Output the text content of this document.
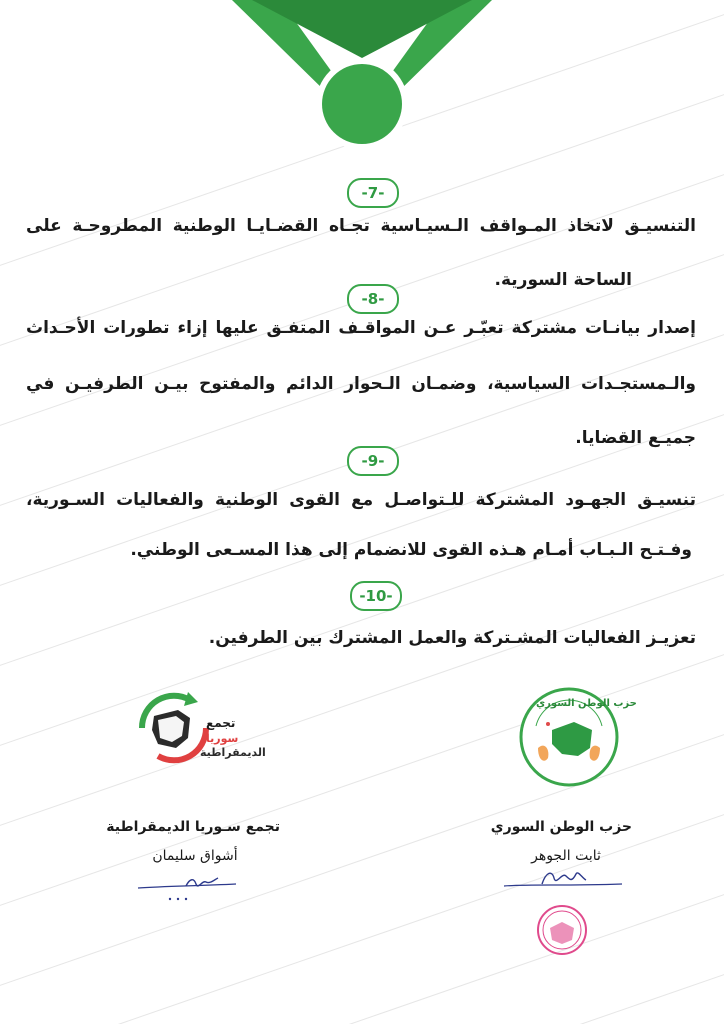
-7-
التنسيـق لاتخاذ المـواقف الـسيـاسية تجـاه القضـايـا الوطنية المطروحـة على
الساحة السورية.
-8-
إصدار بيانـات مشتركة تعبّـر عـن المواقـف المتفـق عليها إزاء تطورات الأحـداث
والـمستجـدات السياسية، وضمـان الـحوار الدائم والمفتوح بيـن الطرفيـن في
جميـع القضايا.
-9-
تنسيـق الجهـود المشتركة للـتواصـل مع القوى الوطنية والفعاليات السـورية،
وفـتـح الـبـاب أمـام هـذه القوى للانضمام إلى هذا المسـعى الوطني.
-10-
تعزيـز الفعاليات المشـتركة والعمل المشترك بين الطرفين.
حزب الوطن السوري
تجمع
سوريا
الديمقراطية
حزب الوطن السوري
ثابت الجوهر
تجمع سـوريا الديمقراطية
أشواق سليمان
